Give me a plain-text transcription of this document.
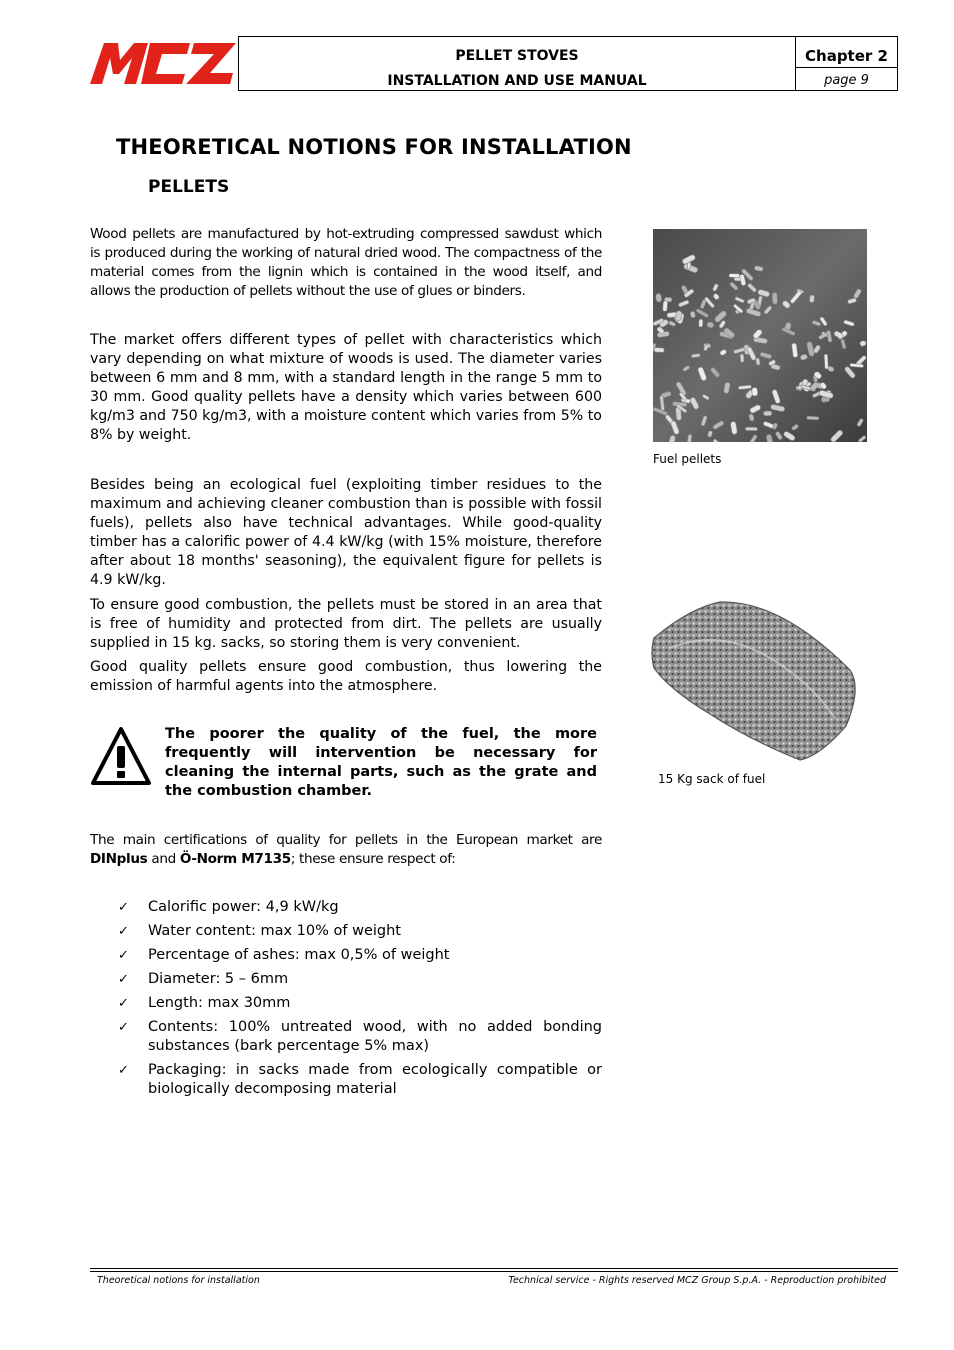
PELLET STOVES
INSTALLATION AND USE MANUAL
Chapter 2
page 9
THEORETICAL NOTIONS FOR INSTALLATION
PELLETS

Wood pellets are manufactured by hot-extruding compressed sawdust which is produced during the working of natural dried wood. The compactness of the material comes from the lignin which is contained in the wood itself, and allows the production of pellets without the use of glues or binders.

The market offers different types of pellet with characteristics which vary depending on what mixture of woods is used. The diameter varies between 6 mm and 8 mm, with a standard length in the range 5 mm to 30 mm. Good quality pellets have a density which varies between 600 kg/m3 and 750 kg/m3, with a moisture content which varies from 5% to 8% by weight.

Besides being an ecological fuel (exploiting timber residues to the maximum and achieving cleaner combustion than is possible with fossil fuels), pellets also have technical advantages. While good-quality timber has a calorific power of 4.4 kW/kg (with 15% moisture, therefore after about 18 months' seasoning), the equivalent figure for pellets is 4.9 kW/kg.

To ensure good combustion, the pellets must be stored in an area that is free of humidity and protected from dirt. The pellets are usually supplied in 15 kg. sacks, so storing them is very convenient.

Good quality pellets ensure good combustion, thus lowering the emission of harmful agents into the atmosphere.

The poorer the quality of the fuel, the more frequently will intervention be necessary for cleaning the internal parts, such as the grate and the combustion chamber.

The main certifications of quality for pellets in the European market are DINplus and Ö-Norm M7135; these ensure respect of:

✓ Calorific power: 4,9 kW/kg
✓ Water content: max 10% of weight
✓ Percentage of ashes: max 0,5% of weight
✓ Diameter: 5 – 6mm
✓ Length: max 30mm
✓ Contents: 100% untreated wood, with no added bonding substances (bark percentage 5% max)
✓ Packaging: in sacks made from ecologically compatible or biologically decomposing material
Fuel pellets
15 Kg sack of fuel
Theoretical notions for installation	Technical service - Rights reserved MCZ Group S.p.A. - Reproduction prohibited
